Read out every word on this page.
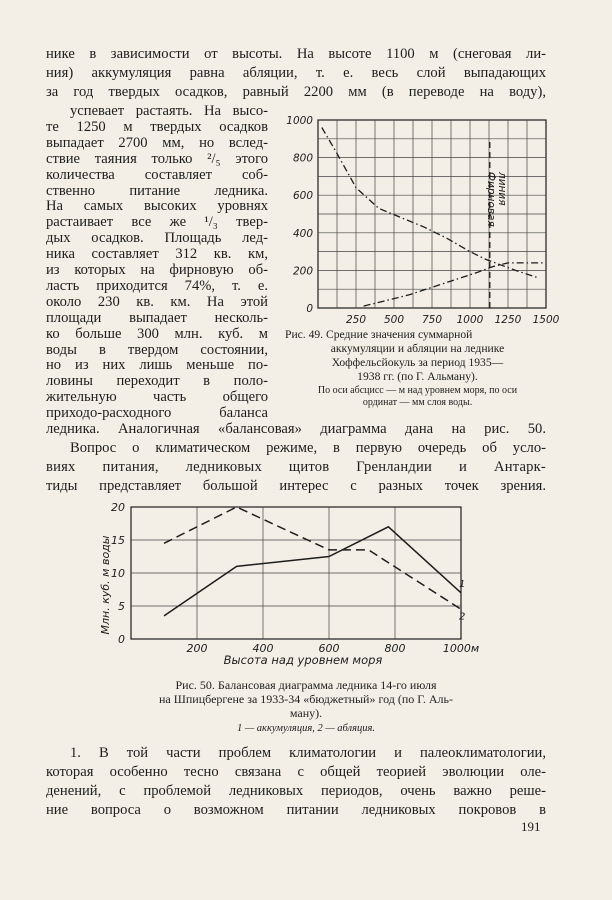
нике в зависимости от высоты. На высоте 1100 м (снеговая ли-
ния) аккумуляция равна абляции, т. е. весь слой выпадающих
за год твердых осадков, равный 2200 мм (в переводе на воду),
успевает растаять. На высо-
те 1250 м твердых осадков
выпадает 2700 мм, но вслед-
ствие таяния только ²/₅ этого
количества составляет соб-
ственно питание ледника.
На самых высоких уровнях
растаивает все же ¹/₃ твер-
дых осадков. Площадь лед-
ника составляет 312 кв. км,
из которых на фирновую об-
ласть приходится 74%, т. е.
около 230 кв. км. На этой
площади выпадает несколь-
ко больше 300 млн. куб. м
воды в твердом состоянии,
но из них лишь меньше по-
ловины переходит в поло-
жительную часть общего
приходо-расходного баланса
ледника. Аналогичная «балансовая» диаграмма дана на рис. 50.
0
200
400
600
800
1000
250 500 750 1000 1250 1500
Фирновая линия
Рис. 49. Средние значения суммарной
аккумуляции и абляции на леднике
Хоффельсйокуль за период 1935—
1938 гг. (по Г. Альману).
По оси абсцисс — м над уровнем моря, по оси
ординат — мм слоя воды.
Вопрос о климатическом режиме, в первую очередь об усло-
виях питания, ледниковых щитов Гренландии и Антарк-
тиды представляет большой интерес с разных точек зрения.
1
2
0
5
10
15
20
200	400	600	800	1000м
Млн. куб. м воды
Высота над уровнем моря
Рис. 50. Балансовая диаграмма ледника 14-го июля
на Шпицбергене за 1933-34 «бюджетный» год (по Г. Аль-
ману).
1 — аккумуляция, 2 — абляция.
1. В той части проблем климатологии и палеоклиматологии,
которая особенно тесно связана с общей теорией эволюции оле-
денений, с проблемой ледниковых периодов, очень важно реше-
ние вопроса о возможном питании ледниковых покровов в
191
